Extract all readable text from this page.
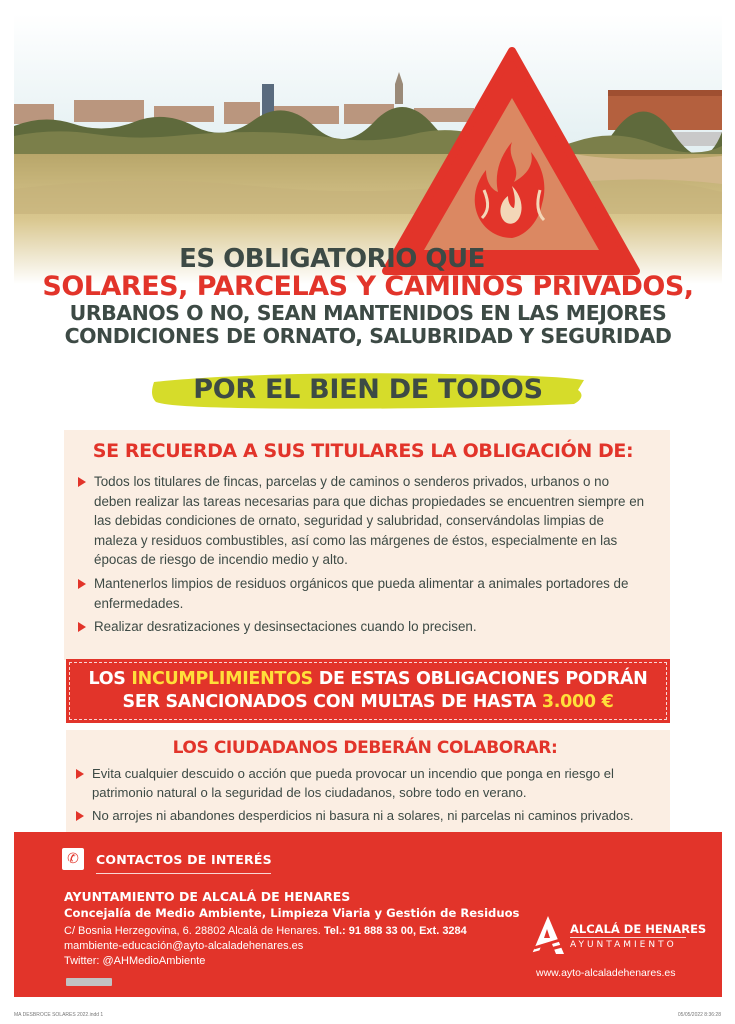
ES OBLIGATORIO QUE
SOLARES, PARCELAS Y CAMINOS PRIVADOS,
URBANOS O NO, SEAN MANTENIDOS EN LAS MEJORES
CONDICIONES DE ORNATO, SALUBRIDAD Y SEGURIDAD
POR EL BIEN DE TODOS
SE RECUERDA A SUS TITULARES LA OBLIGACIÓN DE:
Todos los titulares de fincas, parcelas y de caminos o senderos privados, urbanos o no deben realizar las tareas necesarias para que dichas propiedades se encuentren siempre en las debidas condiciones de ornato, seguridad y salubridad, conservándolas limpias de maleza y residuos combustibles, así como las márgenes de éstos, especialmente en las épocas de riesgo de incendio medio y alto.
Mantenerlos limpios de residuos orgánicos que pueda alimentar a animales portadores de enfermedades.
Realizar desratizaciones y desinsectaciones cuando lo precisen.
LOS INCUMPLIMIENTOS DE ESTAS OBLIGACIONES PODRÁN
SER SANCIONADOS CON MULTAS DE HASTA 3.000 €
LOS CIUDADANOS DEBERÁN COLABORAR:
Evita cualquier descuido o acción que pueda provocar un incendio que ponga en riesgo el patrimonio natural o la seguridad de los ciudadanos, sobre todo en verano.
No arrojes ni abandones desperdicios ni basura ni a solares, ni parcelas ni caminos privados.
✆	CONTACTOS DE INTERÉS
AYUNTAMIENTO DE ALCALÁ DE HENARES
Concejalía de Medio Ambiente, Limpieza Viaria y Gestión de Residuos
C/ Bosnia Herzegovina, 6. 28802 Alcalá de Henares. Tel.: 91 888 33 00, Ext. 3284
mambiente-educación@ayto-alcaladehenares.es
Twitter: @AHMedioAmbiente
ALCALÁ DE HENARES
AYUNTAMIENTO
www.ayto-alcaladehenares.es
MA DESBROCE SOLARES 2022.indd 1	05/05/2022 8:36:28
